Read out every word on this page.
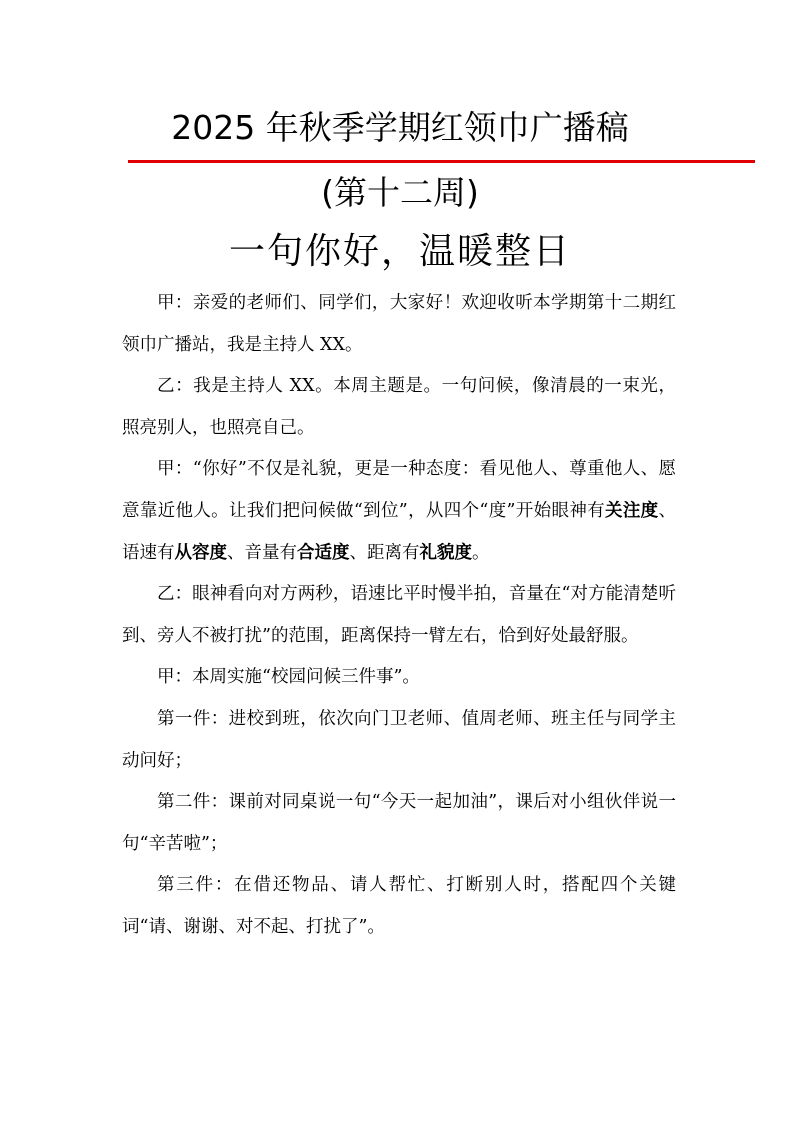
2025 年秋季学期红领巾广播稿
(第十二周)
一句你好，温暖整日

甲：亲爱的老师们、同学们，大家好！欢迎收听本学期第十二期红领巾广播站，我是主持人 XX。

乙：我是主持人 XX。本周主题是。一句问候，像清晨的一束光，照亮别人，也照亮自己。

甲：“你好”不仅是礼貌，更是一种态度：看见他人、尊重他人、愿意靠近他人。让我们把问候做“到位”，从四个“度”开始眼神有关注度、语速有从容度、音量有合适度、距离有礼貌度。

乙：眼神看向对方两秒，语速比平时慢半拍，音量在“对方能清楚听到、旁人不被打扰”的范围，距离保持一臂左右，恰到好处最舒服。

甲：本周实施“校园问候三件事”。

第一件：进校到班，依次向门卫老师、值周老师、班主任与同学主动问好；

第二件：课前对同桌说一句“今天一起加油”，课后对小组伙伴说一句“辛苦啦”；

第三件：在借还物品、请人帮忙、打断别人时，搭配四个关键词“请、谢谢、对不起、打扰了”。
